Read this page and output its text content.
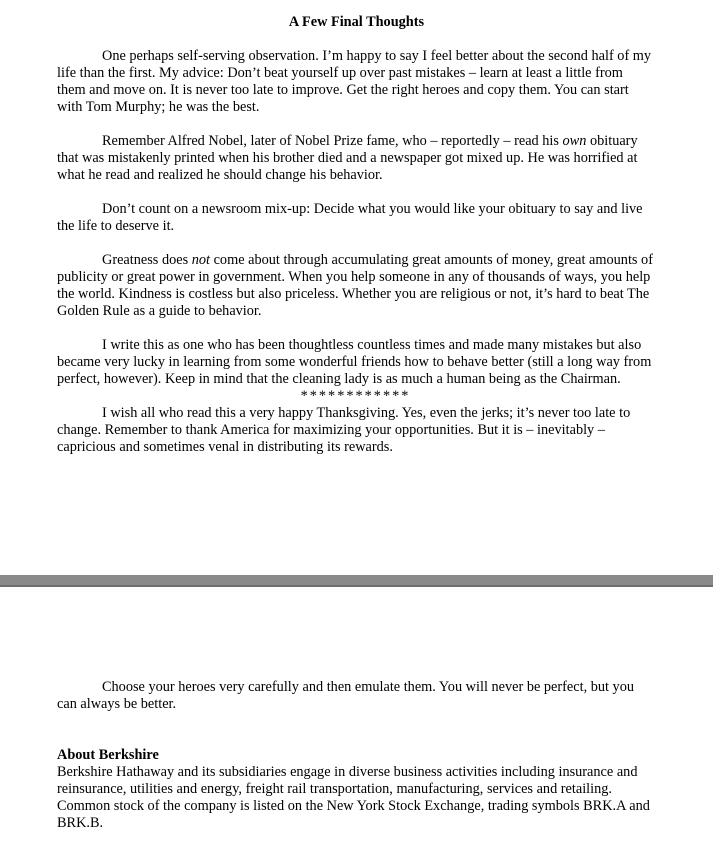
A Few Final Thoughts

One perhaps self-serving observation. I’m happy to say I feel better about the second half of my life than the first. My advice: Don’t beat yourself up over past mistakes – learn at least a little from them and move on. It is never too late to improve. Get the right heroes and copy them. You can start with Tom Murphy; he was the best.

Remember Alfred Nobel, later of Nobel Prize fame, who – reportedly – read his own obituary that was mistakenly printed when his brother died and a newspaper got mixed up. He was horrified at what he read and realized he should change his behavior.

Don’t count on a newsroom mix-up: Decide what you would like your obituary to say and live the life to deserve it.

Greatness does not come about through accumulating great amounts of money, great amounts of publicity or great power in government. When you help someone in any of thousands of ways, you help the world. Kindness is costless but also priceless. Whether you are religious or not, it’s hard to beat The Golden Rule as a guide to behavior.

I write this as one who has been thoughtless countless times and made many mistakes but also became very lucky in learning from some wonderful friends how to behave better (still a long way from perfect, however). Keep in mind that the cleaning lady is as much a human being as the Chairman.

************

I wish all who read this a very happy Thanksgiving. Yes, even the jerks; it’s never too late to change. Remember to thank America for maximizing your opportunities. But it is – inevitably – capricious and sometimes venal in distributing its rewards.

Choose your heroes very carefully and then emulate them. You will never be perfect, but you can always be better.

About Berkshire

Berkshire Hathaway and its subsidiaries engage in diverse business activities including insurance and reinsurance, utilities and energy, freight rail transportation, manufacturing, services and retailing. Common stock of the company is listed on the New York Stock Exchange, trading symbols BRK.A and BRK.B.
